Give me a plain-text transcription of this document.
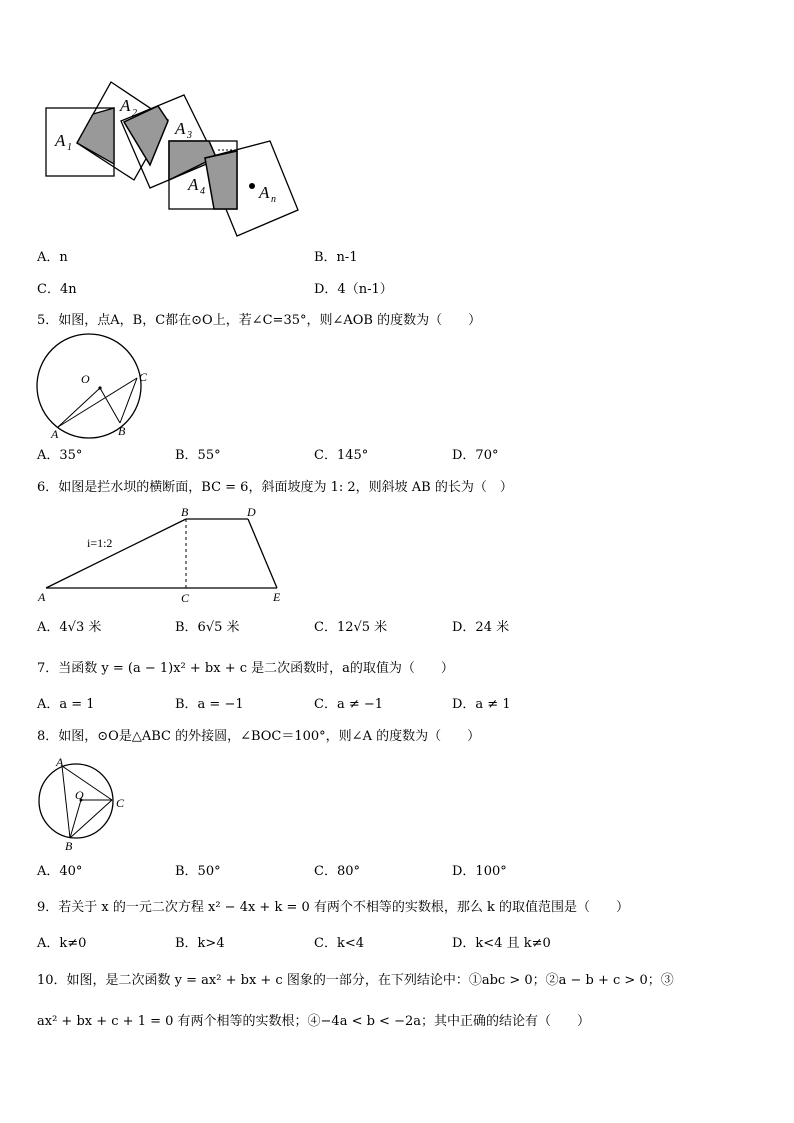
A 1
A 2
A 3
A 4	A n
A．n	B．n-1
C．4n	D．4（n-1）
5．如图，点A，B，C都在⊙O上，若∠C=35°，则∠AOB 的度数为（　　）
O
A	B
C
A．35°	B．55°	C．145°	D．70°
6．如图是拦水坝的横断面，BC = 6，斜面坡度为 1: 2，则斜坡 AB 的长为（　）
B	D
A	C	E
i=1:2
A．4√3 米	B．6√5 米	C．12√5 米	D．24 米
7．当函数 y = (a − 1)x² + bx + c 是二次函数时，a的取值为（　　）
A．a = 1	B．a = −1	C．a ≠ −1	D．a ≠ 1
8．如图，⊙O是△ABC 的外接圆，∠BOC＝100°，则∠A 的度数为（　　）
A
O
C
B
A．40°	B．50°	C．80°	D．100°
9．若关于 x 的一元二次方程 x² − 4x + k = 0 有两个不相等的实数根，那么 k 的取值范围是（　　）
A．k≠0	B．k>4	C．k<4	D．k<4 且 k≠0
10．如图，是二次函数 y = ax² + bx + c 图象的一部分，在下列结论中：①abc > 0；②a − b + c > 0；③
ax² + bx + c + 1 = 0 有两个相等的实数根；④−4a < b < −2a；其中正确的结论有（　　）
